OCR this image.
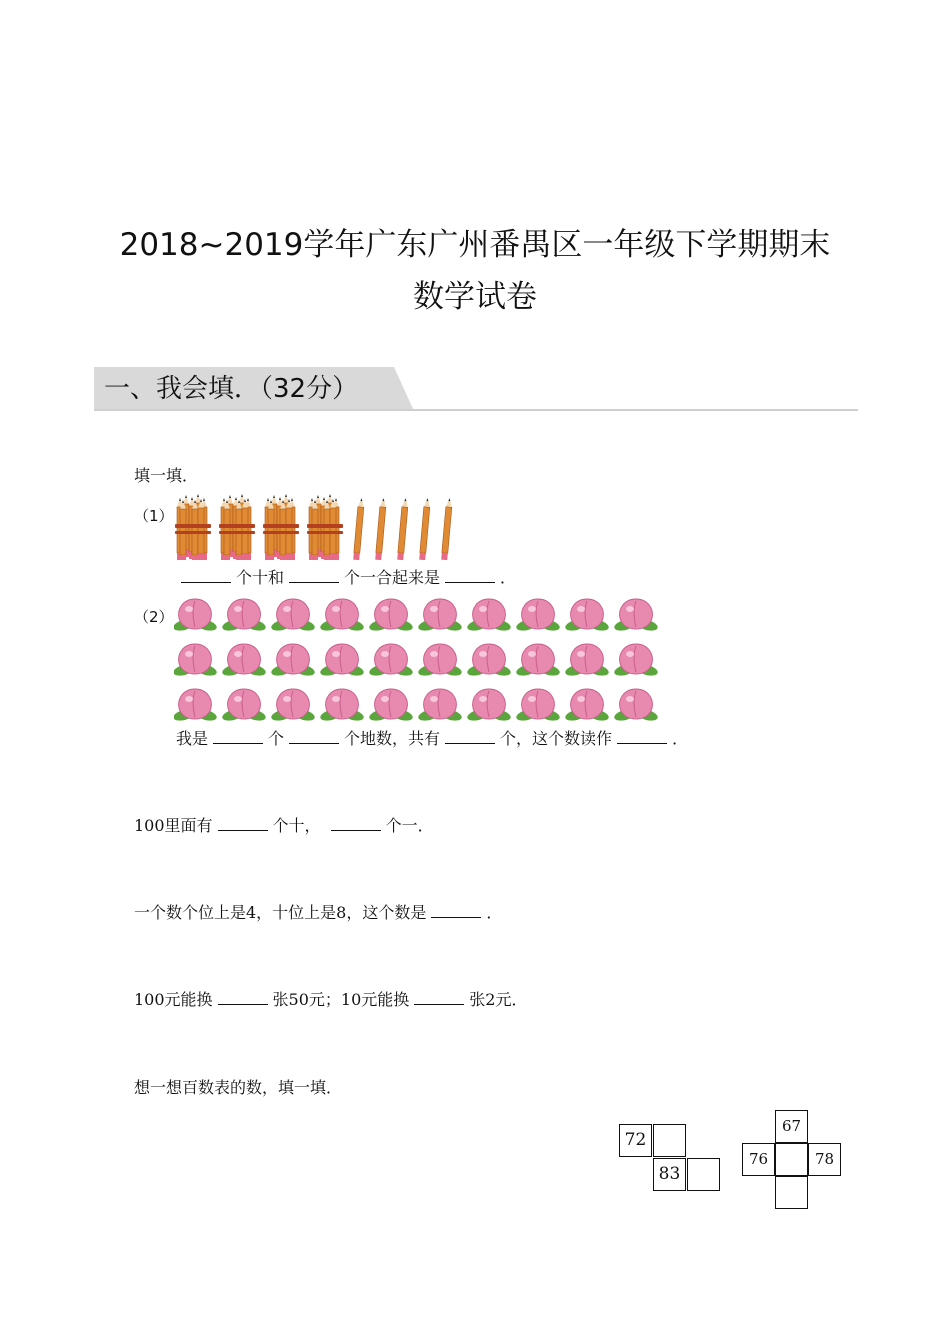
2018~2019学年广东广州番禺区一年级下学期期末
数学试卷
一、我会填．（32分）
填一填．
（1）
个十和	个一合起来是	．
（2）
我是	个	个地数，共有	个，这个数读作	．
100里面有	个十，	个一．
一个数个位上是4，十位上是8，这个数是	．
100元能换	张50元；10元能换	张2元．
想一想百数表的数，填一填．
72
83
67
76	78
